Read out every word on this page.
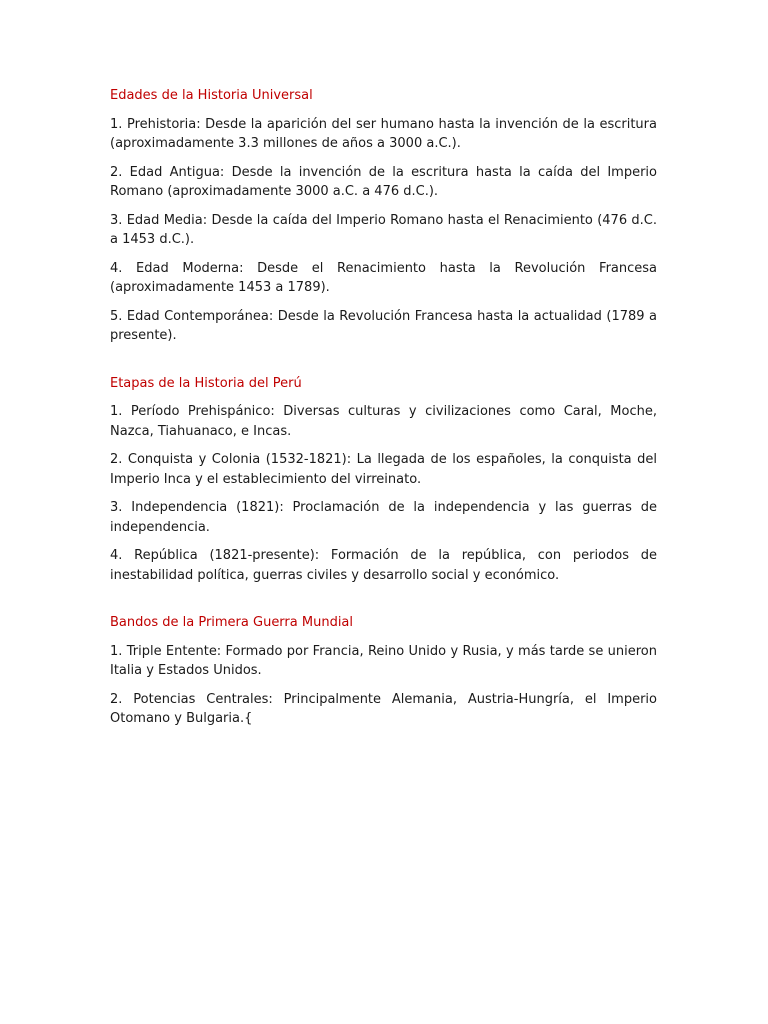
Edades de la Historia Universal

1. Prehistoria: Desde la aparición del ser humano hasta la invención de la escritura (aproximadamente 3.3 millones de años a 3000 a.C.).

2. Edad Antigua: Desde la invención de la escritura hasta la caída del Imperio Romano (aproximadamente 3000 a.C. a 476 d.C.).

3. Edad Media: Desde la caída del Imperio Romano hasta el Renacimiento (476 d.C. a 1453 d.C.).

4. Edad Moderna: Desde el Renacimiento hasta la Revolución Francesa (aproximadamente 1453 a 1789).

5. Edad Contemporánea: Desde la Revolución Francesa hasta la actualidad (1789 a presente).

Etapas de la Historia del Perú

1. Período Prehispánico: Diversas culturas y civilizaciones como Caral, Moche, Nazca, Tiahuanaco, e Incas.

2. Conquista y Colonia (1532-1821): La llegada de los españoles, la conquista del Imperio Inca y el establecimiento del virreinato.

3. Independencia (1821): Proclamación de la independencia y las guerras de independencia.

4. República (1821-presente): Formación de la república, con periodos de inestabilidad política, guerras civiles y desarrollo social y económico.

Bandos de la Primera Guerra Mundial

1. Triple Entente: Formado por Francia, Reino Unido y Rusia, y más tarde se unieron Italia y Estados Unidos.

2. Potencias Centrales: Principalmente Alemania, Austria-Hungría, el Imperio Otomano y Bulgaria.{
